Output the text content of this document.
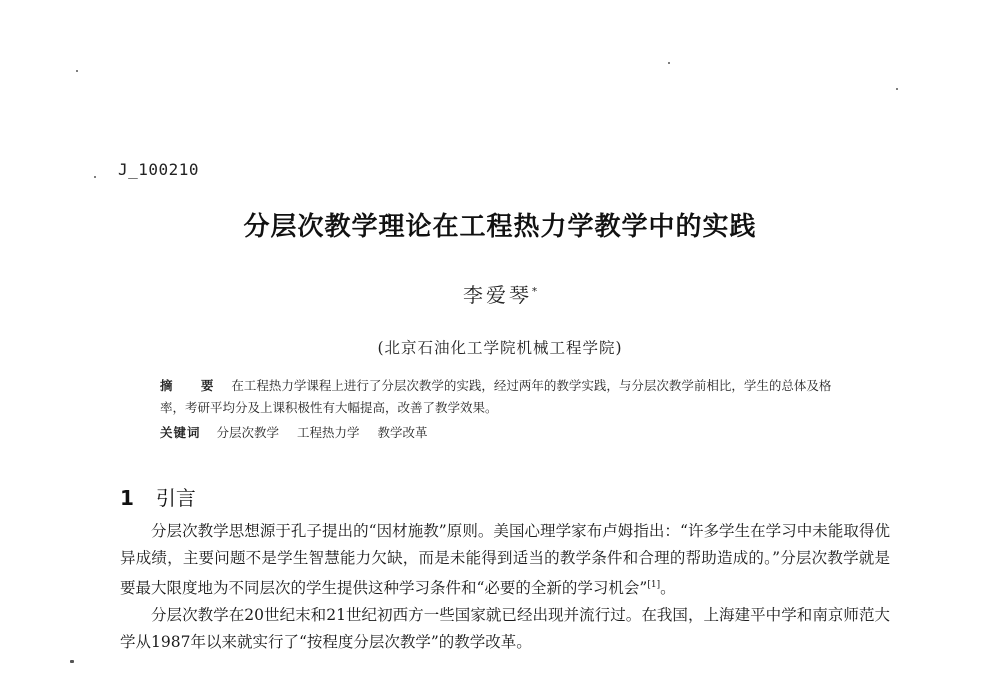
J_100210
分层次教学理论在工程热力学教学中的实践
李爱琴*
(北京石油化工学院机械工程学院)
摘 要 在工程热力学课程上进行了分层次教学的实践，经过两年的教学实践，与分层次教学前相比，学生的总体及格率，考研平均分及上课积极性有大幅提高，改善了教学效果。
关键词 分层次教学 工程热力学 教学改革
1 引言

分层次教学思想源于孔子提出的“因材施教”原则。美国心理学家布卢姆指出：“许多学生在学习中未能取得优异成绩，主要问题不是学生智慧能力欠缺，而是未能得到适当的教学条件和合理的帮助造成的。”分层次教学就是要最大限度地为不同层次的学生提供这种学习条件和“必要的全新的学习机会”[1]。

分层次教学在20世纪末和21世纪初西方一些国家就已经出现并流行过。在我国，上海建平中学和南京师范大学从1987年以来就实行了“按程度分层次教学”的教学改革。
